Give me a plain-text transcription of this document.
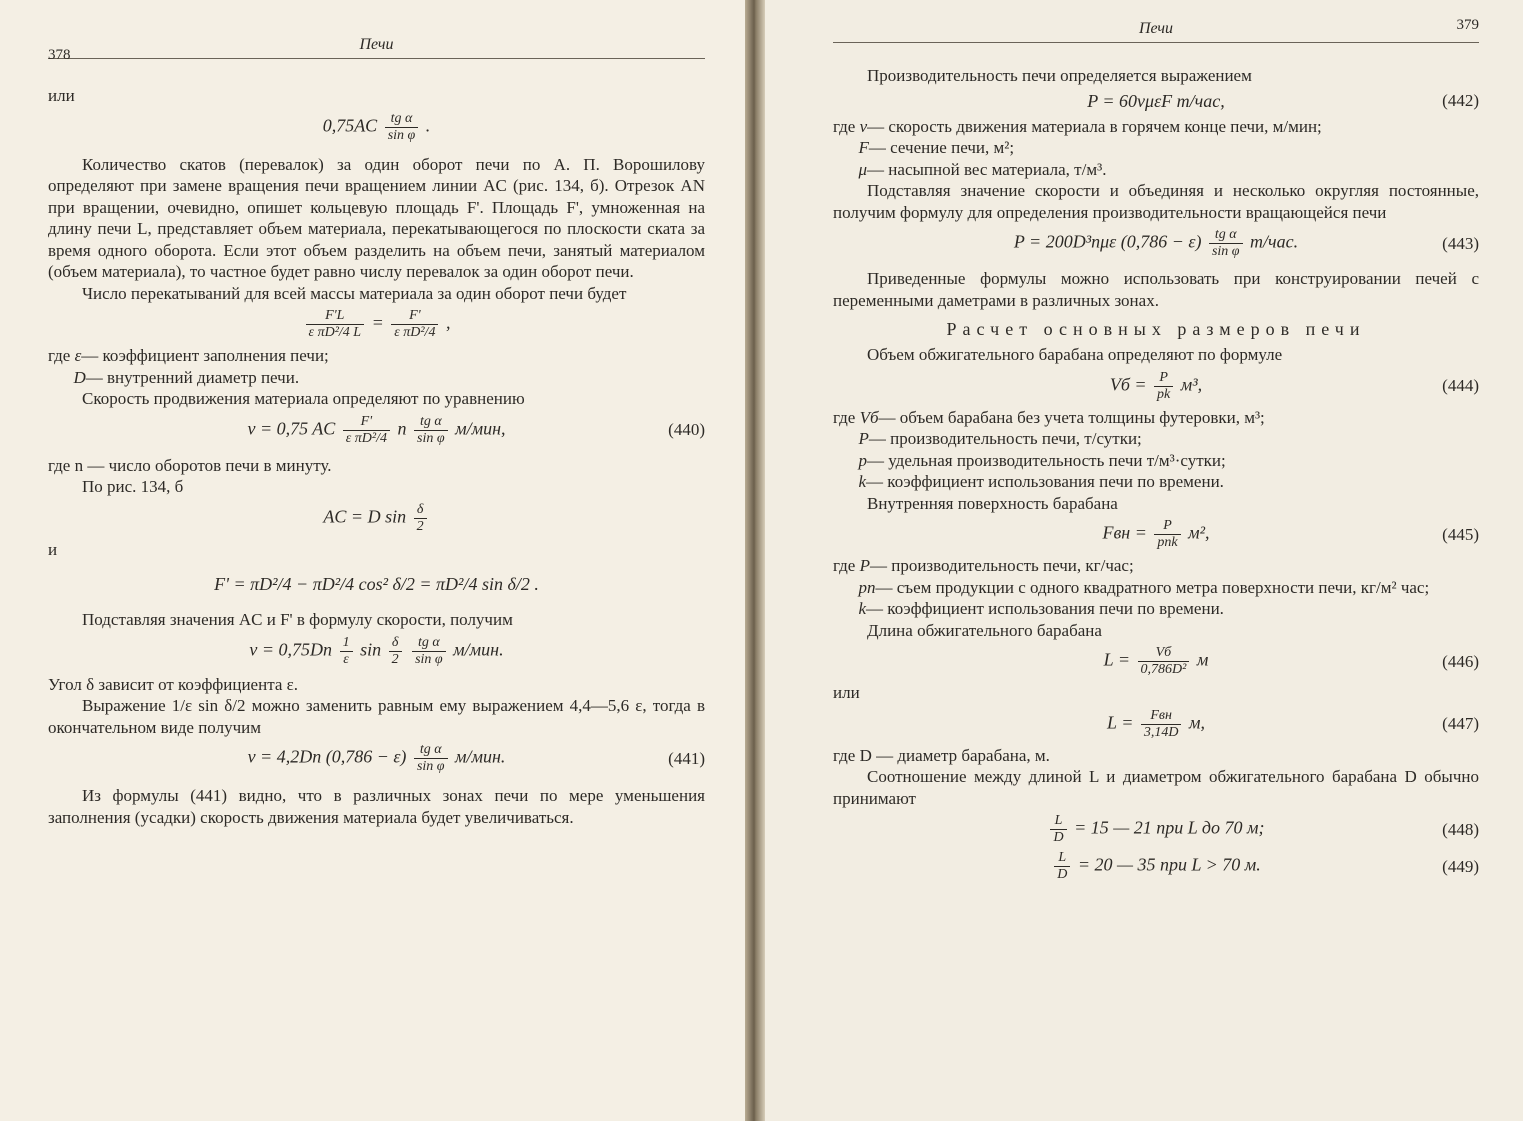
378
Печи

или

$0,75AC \frac{\text{tg α}}{\text{sin φ}}$ .

Количество скатов (перевалок) за один оборот печи по А. П. Ворошилову определяют при замене вращения печи вращением линии AC (рис. 134, б). Отрезок AN при вращении, очевидно, опишет кольцевую площадь F'. Площадь F', умноженная на длину печи L, представляет объем материала, перекатывающегося по плоскости ската за время одного оборота. Если этот объем разделить на объем печи, занятый материалом (объем материала), то частное будет равно числу перевалок за один оборот печи.

Число перекатываний для всей массы материала за один оборот печи будет

$\frac{F'L}{\text{ε πD²/4 L}} = \frac{F'}{\text{ε πD²/4}}$ ,
где ε — коэффициент заполнения печи;

D — внутренний диаметр печи.

Скорость продвижения материала определяют по уравнению

v = 0,75 AC $\frac{F'}{\text{ε πD²/4}}$ n $\frac{\text{tg α}}{\text{sin φ}} м/мин$,	(440)

где n — число оборотов печи в минуту.

По рис. 134, б

AC = D $\sin \frac{\delta}{2}$

и

F' = πD²/4 − πD²/4 cos² δ/2 = πD²/4 sin δ/2 .

Подставляя значения AC и F' в формулу скорости, получим

$v = 0,75Dn \frac{1}{\varepsilon}$ $\sin \frac{\delta}{2}$
$\frac{\text{tg α}}{\text{sin φ}} м/мин$.

Угол δ зависит от коэффициента ε.

Выражение 1/ε sin δ/2 можно заменить равным ему выражением 4,4—5,6 ε, тогда в окончательном виде получим

v = 4,2Dn $(0,786 - \varepsilon) \frac{\text{tg α}}{\text{sin φ}} м/мин$.	(441)

Из формулы (441) видно, что в различных зонах печи по мере уменьшения заполнения (усадки) скорость движения материала будет увеличиваться.

Печи	379

Производительность печи определяется выражением

P = 60vμεF т/час,	(442)
где v — скорость движения материала в горячем конце печи, м/мин;

F — сечение печи, м²;

μ — насыпной вес материала, т/м³.

Подставляя значение скорости и объединяя и несколько округляя постоянные, получим формулу для определения производительности вращающейся печи

P = 200D³nμε $(0,786 - \varepsilon) \frac{\text{tg α}}{\text{sin φ}} т/час$.	(443)

Приведенные формулы можно использовать при конструировании печей с переменными даметрами в различных зонах.

Расчет основных размеров печи

Объем обжигательного барабана определяют по формуле

Vб = $\frac{P}{pk} м^3$,	(444)
где Vб — объем барабана без учета толщины футеровки, м³;

P — производительность печи, т/сутки;

p — удельная производительность печи т/м³·сутки;

k — коэффициент использования печи по времени.

Внутренняя поверхность барабана

Fвн = $\frac{P}{\text{pпk}} м^2$,	(445)
где P — производительность печи, кг/час;

pп — съем продукции с одного квадратного метра поверхности печи, кг/м² час;

k — коэффициент использования печи по времени.

Длина обжигательного барабана

$L = \frac{Vб}{\text{0,786D²}}$ м	(446)

или

$L = \frac{\text{Fвн}}{3,14D} м$,	(447)

где D — диаметр барабана, м.

Соотношение между длиной L и диаметром обжигательного барабана D обычно принимают

$\frac{L}{D} = 15$ — 21 при L до 70 м;	(448)
$\frac{L}{D} = 20$ — 35 при L > 70 м.	(449)
